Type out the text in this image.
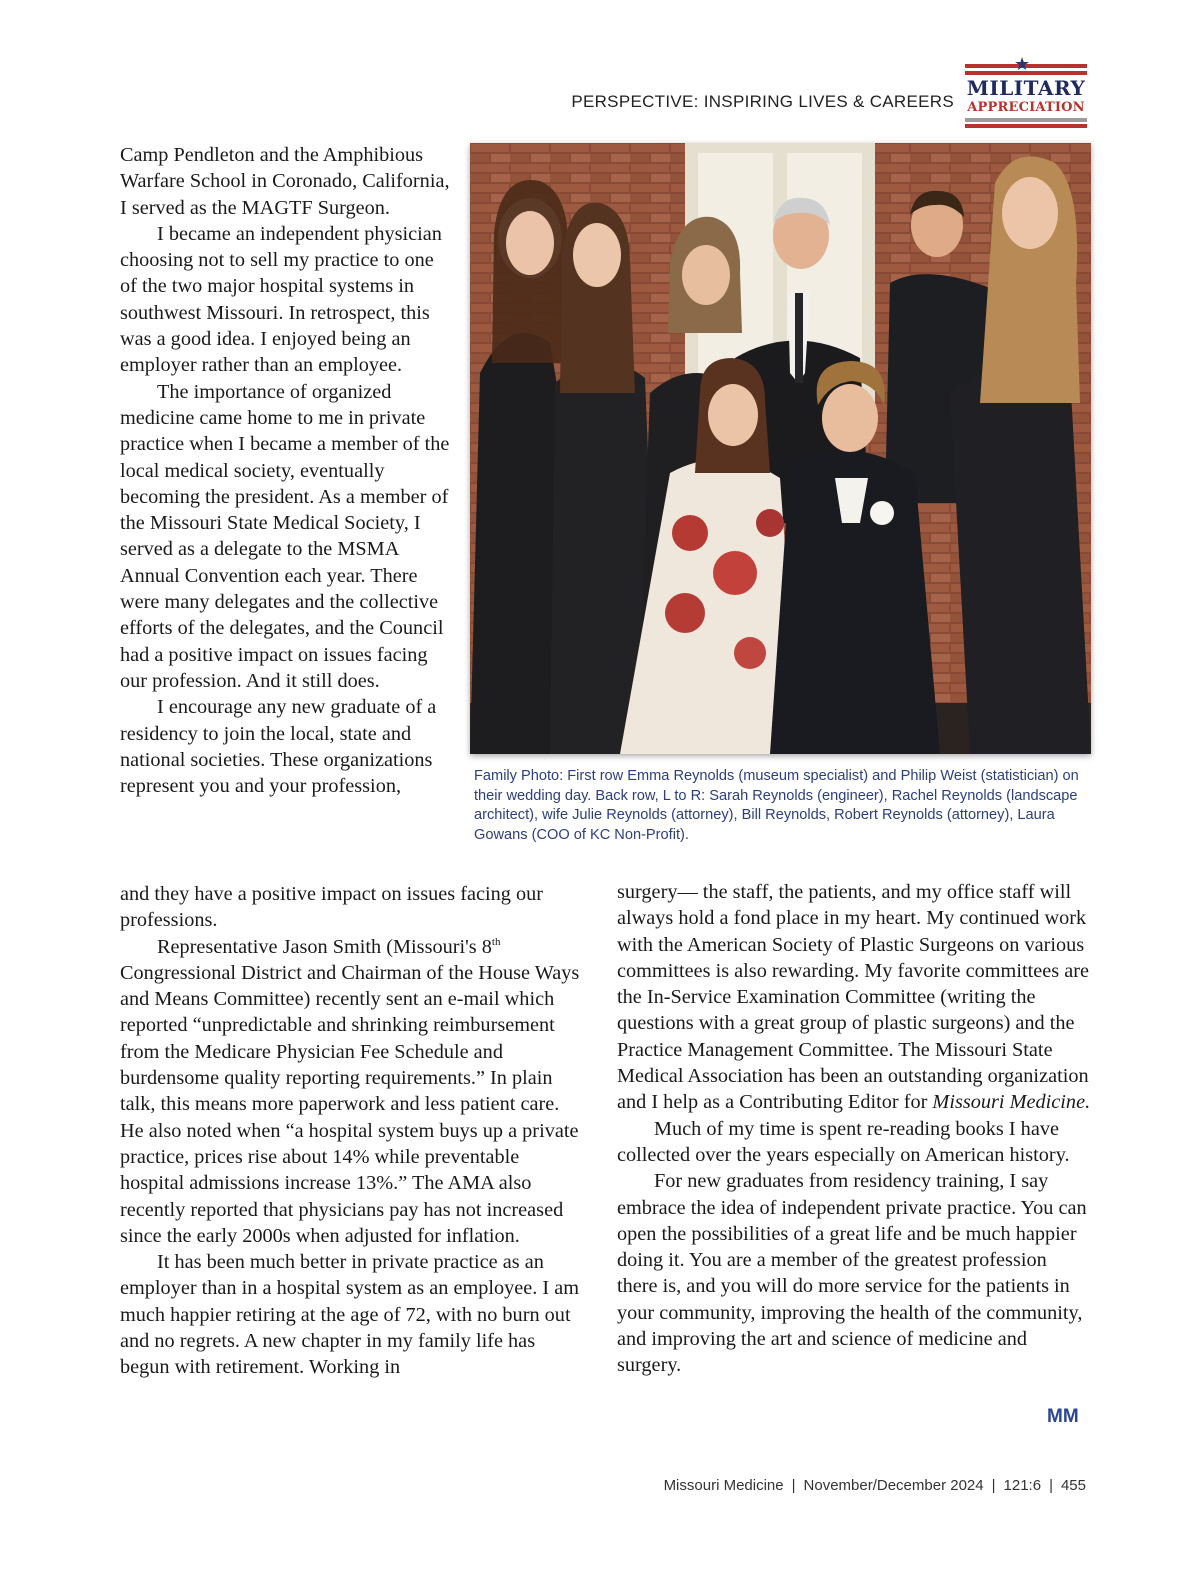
PERSPECTIVE: INSPIRING LIVES & CAREERS
★
MILITARY
APPRECIATION

Camp Pendleton and the Amphibious Warfare School in Coronado, California, I served as the MAGTF Surgeon.

I became an independent physician choosing not to sell my practice to one of the two major hospital systems in southwest Missouri. In retrospect, this was a good idea. I enjoyed being an employer rather than an employee.

The importance of organized medicine came home to me in private practice when I became a member of the local medical society, eventually becoming the president. As a member of the Missouri State Medical Society, I served as a delegate to the MSMA Annual Convention each year. There were many delegates and the collective efforts of the delegates, and the Council had a positive impact on issues facing our profession. And it still does.

I encourage any new graduate of a residency to join the local, state and national societies. These organizations represent you and your profession,	Family Photo: First row Emma Reynolds (museum specialist) and Philip Weist (statistician) on their wedding day. Back row, L to R: Sarah Reynolds (engineer), Rachel Reynolds (landscape architect), wife Julie Reynolds (attorney), Bill Reynolds, Robert Reynolds (attorney), Laura Gowans (COO of KC Non-Profit).

and they have a positive impact on issues facing our professions.

Representative Jason Smith (Missouri's 8th Congressional District and Chairman of the House Ways and Means Committee) recently sent an e-mail which reported “unpredictable and shrinking reimbursement from the Medicare Physician Fee Schedule and burdensome quality reporting requirements.” In plain talk, this means more paperwork and less patient care. He also noted when “a hospital system buys up a private practice, prices rise about 14% while preventable hospital admissions increase 13%.” The AMA also recently reported that physicians pay has not increased since the early 2000s when adjusted for inflation.

It has been much better in private practice as an employer than in a hospital system as an employee. I am much happier retiring at the age of 72, with no burn out and no regrets. A new chapter in my family life has begun with retirement. Working in

surgery— the staff, the patients, and my office staff will always hold a fond place in my heart. My continued work with the American Society of Plastic Surgeons on various committees is also rewarding. My favorite committees are the In-Service Examination Committee (writing the questions with a great group of plastic surgeons) and the Practice Management Committee. The Missouri State Medical Association has been an outstanding organization and I help as a Contributing Editor for Missouri Medicine.

Much of my time is spent re-reading books I have collected over the years especially on American history.

For new graduates from residency training, I say embrace the idea of independent private practice. You can open the possibilities of a great life and be much happier doing it. You are a member of the greatest profession there is, and you will do more service for the patients in your community, improving the health of the community, and improving the art and science of medicine and surgery.

MM
Missouri Medicine | November/December 2024 | 121:6 | 455
